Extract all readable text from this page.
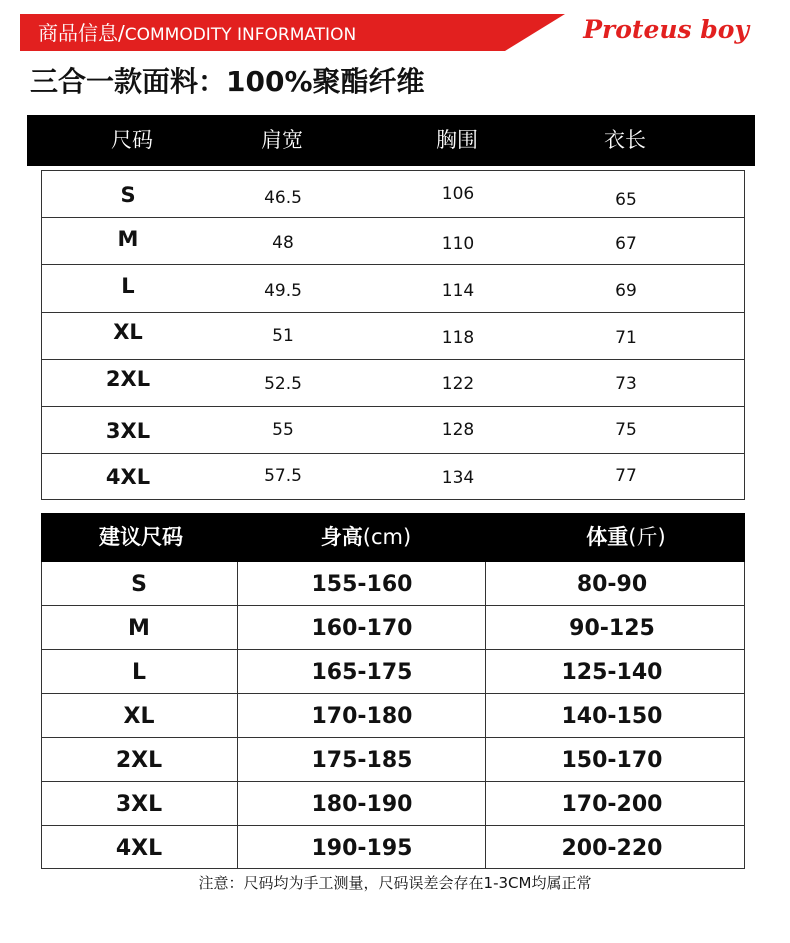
商品信息/COMMODITY INFORMATION	Proteus boy
三合一款面料：100%聚酯纤维
尺码	肩宽	胸围	衣长
S	46.5	106	65
M	48	110	67
L	49.5	114	69
XL	51	118	71
2XL	52.5	122	73
3XL	55	128	75
4XL	57.5	134	77
建议尺码	身高(cm)	体重(斤)
S	155-160	80-90
M	160-170	90-125
L	165-175	125-140
XL	170-180	140-150
2XL	175-185	150-170
3XL	180-190	170-200
4XL	190-195	200-220
注意：尺码均为手工测量，尺码误差会存在1-3CM均属正常
